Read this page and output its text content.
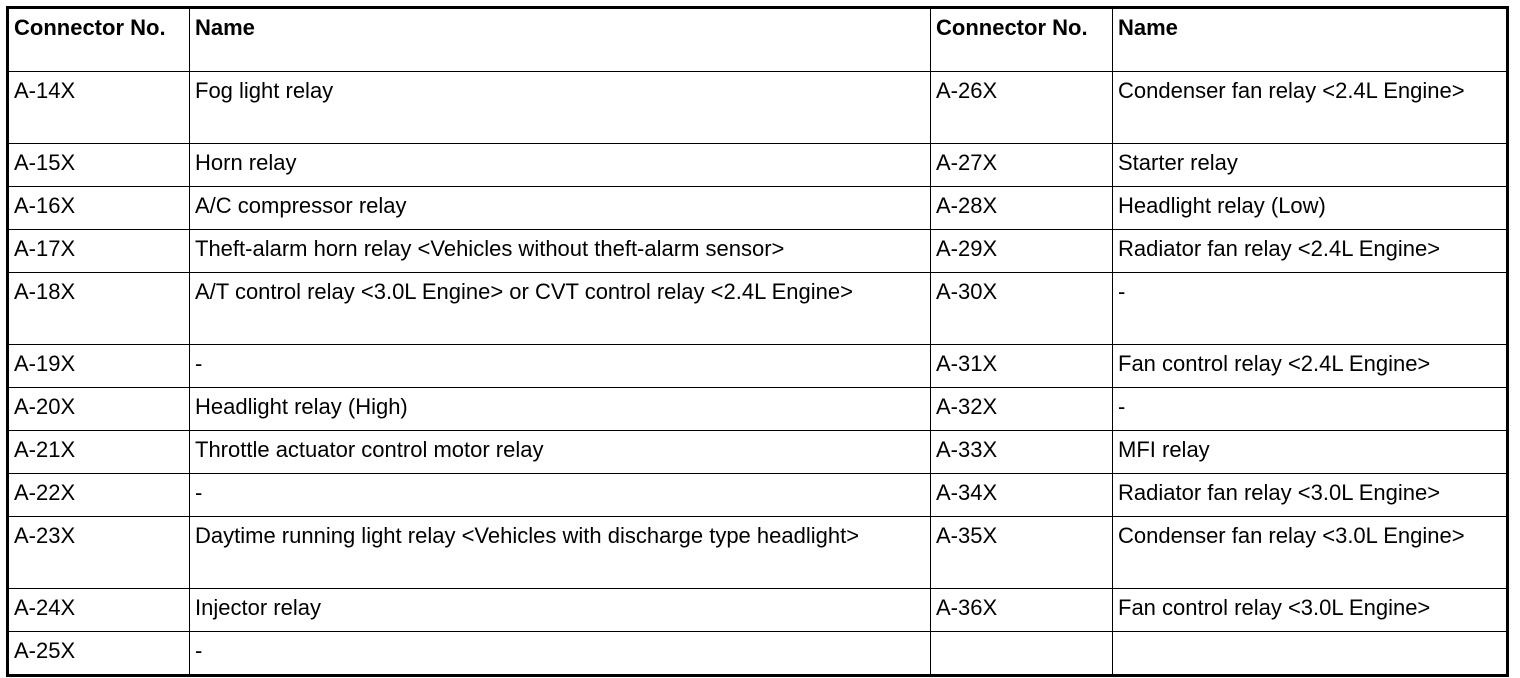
Connector No.	Name	Connector No.	Name
A-14X	Fog light relay	A-26X	Condenser fan relay <2.4L Engine>
A-15X	Horn relay	A-27X	Starter relay
A-16X	A/C compressor relay	A-28X	Headlight relay (Low)
A-17X	Theft-alarm horn relay <Vehicles without theft-alarm sensor>	A-29X	Radiator fan relay <2.4L Engine>
A-18X	A/T control relay <3.0L Engine> or CVT control relay <2.4L Engine>	A-30X	-
A-19X	-	A-31X	Fan control relay <2.4L Engine>
A-20X	Headlight relay (High)	A-32X	-
A-21X	Throttle actuator control motor relay	A-33X	MFI relay
A-22X	-	A-34X	Radiator fan relay <3.0L Engine>
A-23X	Daytime running light relay <Vehicles with discharge type headlight>	A-35X	Condenser fan relay <3.0L Engine>
A-24X	Injector relay	A-36X	Fan control relay <3.0L Engine>
A-25X	-		
